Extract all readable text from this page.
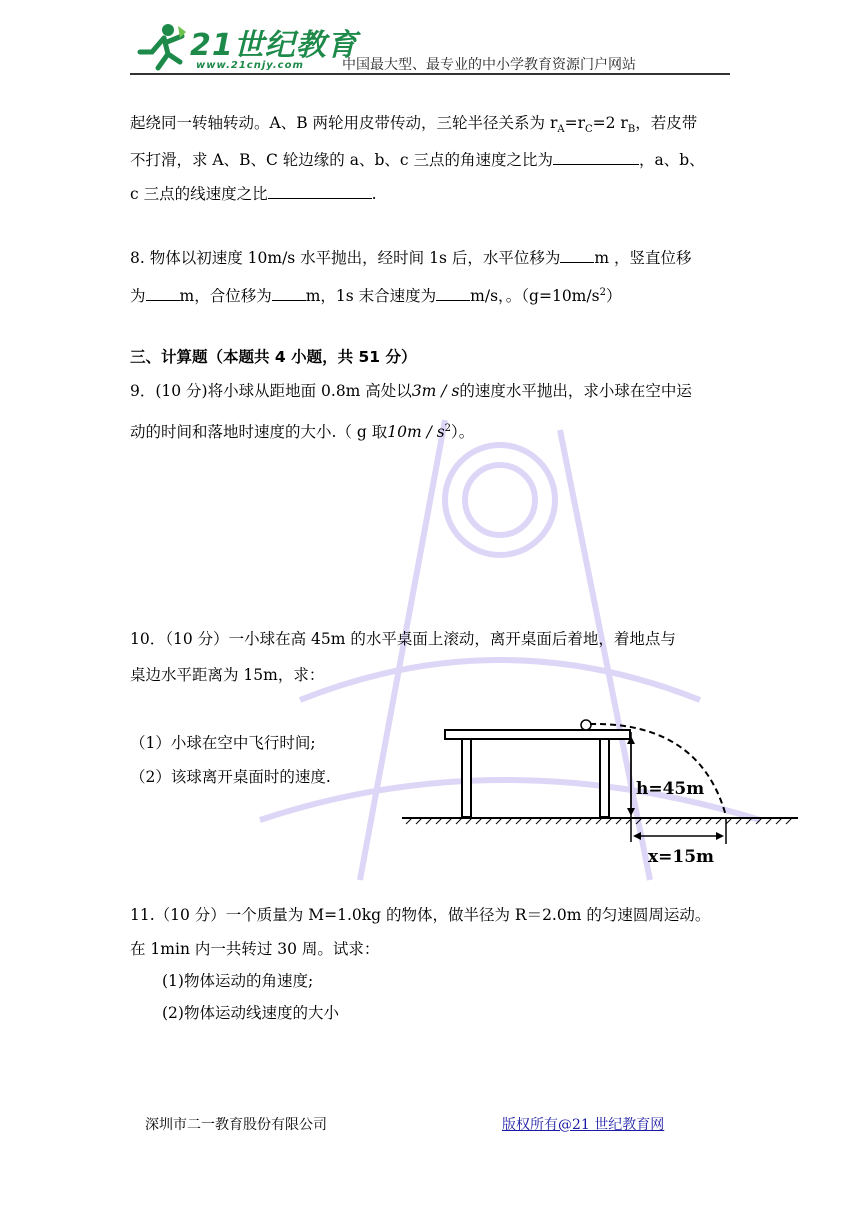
21世纪教育
www.21cnjy.com	中国最大型、最专业的中小学教育资源门户网站
起绕同一转轴转动。A、B 两轮用皮带传动，三轮半径关系为 $r_A=r_C=2$ $r_B$，若皮带
不打滑，求 A、B、C 轮边缘的 a、b、c 三点的角速度之比为	，a、b、
c 三点的线速度之比	.
8. 物体以初速度 10m/s 水平抛出，经时间 1s 后，水平位移为 m ，竖直位移
为 m，合位移为 m，1s 末合速度为 m/s，。$(g=10m/s^2)$
三、计算题（本题共 4 小题，共 51 分）
9．(10 分)将小球从距地面 0.8m 高处以3m / s的速度水平抛出，求小球在空中运
动的时间和落地时速度的大小.（ g 取$10m / s^2$）。
10．（10 分）一小球在高 45m 的水平桌面上滚动，离开桌面后着地，着地点与
桌边水平距离为 15m，求：
（1）小球在空中飞行时间;
（2）该球离开桌面时的速度.
h=45m
x=15m
11.（10 分）一个质量为 M=1.0kg 的物体，做半径为 R＝2.0m 的匀速圆周运动。
在 1min 内一共转过 30 周。试求：
(1)物体运动的角速度;
(2)物体运动线速度的大小
深圳市二一教育股份有限公司	版权所有@21 世纪教育网
